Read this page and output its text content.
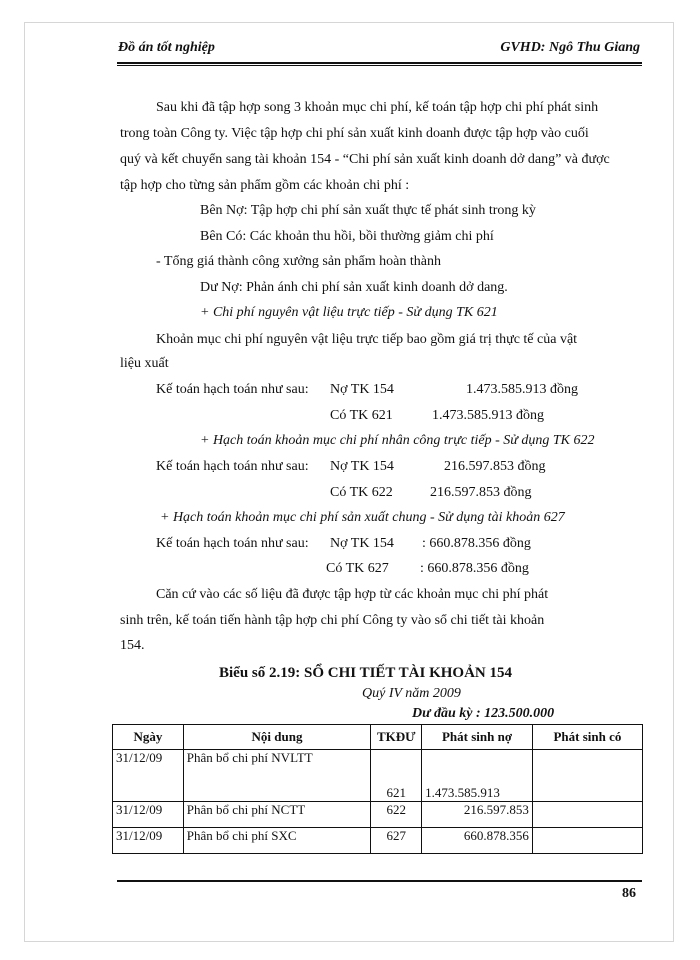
Đồ án tốt nghiệp	GVHD: Ngô Thu Giang
Sau khi đã tập hợp song 3 khoản mục chi phí, kế toán tập hợp chi phí phát sinh
trong toàn Công ty. Việc tập hợp chi phí sản xuất kinh doanh được tập hợp vào cuối
quý và kết chuyển sang tài khoản 154 - “Chi phí sản xuất kinh doanh dở dang” và được
tập hợp cho từng sản phẩm gồm các khoản chi phí :
Bên Nợ: Tập hợp chi phí sản xuất thực tế phát sinh trong kỳ
Bên Có: Các khoản thu hồi, bồi thường giảm chi phí
- Tổng giá thành công xưởng sản phẩm hoàn thành
Dư Nợ: Phản ánh chi phí sản xuất kinh doanh dở dang.
+ Chi phí nguyên vật liệu trực tiếp - Sử dụng TK 621
Khoản mục chi phí nguyên vật liệu trực tiếp bao gồm giá trị thực tế của vật
liệu xuất
Kế toán hạch toán như sau: Nợ TK 154	1.473.585.913 đồng
Có TK 621	1.473.585.913 đồng
+ Hạch toán khoản mục chi phí nhân công trực tiếp - Sử dụng TK 622
Kế toán hạch toán như sau: Nợ TK 154	216.597.853 đồng
Có TK 622	216.597.853 đồng
+ Hạch toán khoản mục chi phí sản xuất chung - Sử dụng tài khoản 627
Kế toán hạch toán như sau: Nợ TK 154 : 660.878.356 đồng
Có TK 627 : 660.878.356 đồng
Căn cứ vào các số liệu đã được tập hợp từ các khoản mục chi phí phát
sinh trên, kế toán tiến hành tập hợp chi phí Công ty vào sổ chi tiết tài khoản
154.
Biểu số 2.19: SỔ CHI TIẾT TÀI KHOẢN 154
Quý IV năm 2009
Dư đầu kỳ : 123.500.000
Ngày	Nội dung	TKĐƯ	Phát sinh nợ	Phát sinh có
31/12/09	Phân bổ chi phí NVLTT	621	1.473.585.913	
31/12/09	Phân bổ chi phí NCTT	622	216.597.853	
31/12/09	Phân bổ chi phí SXC	627	660.878.356	
86
